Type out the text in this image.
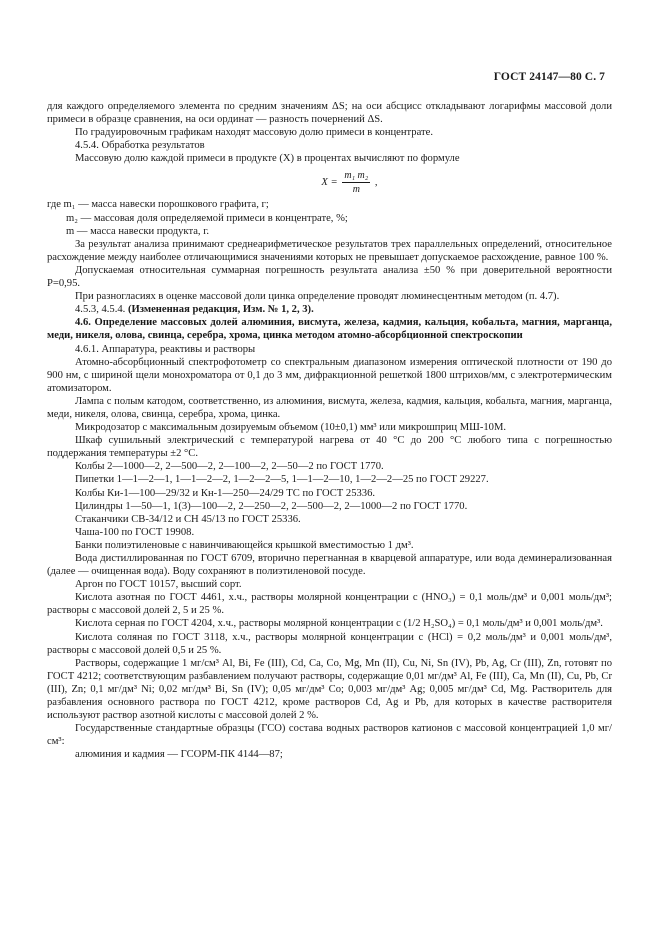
ГОСТ 24147—80 С. 7

для каждого определяемого элемента по средним значениям ΔS; на оси абсцисс откладывают логарифмы массовой доли примеси в образце сравнения, на оси ординат — разность почернений ΔS.

По градуировочным графикам находят массовую долю примеси в концентрате.

4.5.4. Обработка результатов

Массовую долю каждой примеси в продукте (X) в процентах вычисляют по формуле

$X = \frac{\text{m₁ m₂}}{m}$ ,

где m₁ — масса навески порошкового графита, г;

m₂ — массовая доля определяемой примеси в концентрате, %;

m — масса навески продукта, г.

За результат анализа принимают среднеарифметическое результатов трех параллельных определений, относительное расхождение между наиболее отличающимися значениями которых не превышает допускаемое расхождение, равное 100 %.

Допускаемая относительная суммарная погрешность результата анализа ±50 % при доверительной вероятности P=0,95.

При разногласиях в оценке массовой доли цинка определение проводят люминесцентным методом (п. 4.7).

4.5.3, 4.5.4. (Измененная редакция, Изм. № 1, 2, 3).

4.6. Определение массовых долей алюминия, висмута, железа, кадмия, кальция, кобальта, магния, марганца, меди, никеля, олова, свинца, серебра, хрома, цинка методом атомно-абсорбционной спектроскопии

4.6.1. Аппаратура, реактивы и растворы

Атомно-абсорбционный спектрофотометр со спектральным диапазоном измерения оптической плотности от 190 до 900 нм, с шириной щели монохроматора от 0,1 до 3 мм, дифракционной решеткой 1800 штрихов/мм, с электротермическим атомизатором.

Лампа с полым катодом, соответственно, из алюминия, висмута, железа, кадмия, кальция, кобальта, магния, марганца, меди, никеля, олова, свинца, серебра, хрома, цинка.

Микродозатор с максимальным дозируемым объемом (10±0,1) мм³ или микрошприц МШ-10М.

Шкаф сушильный электрический с температурой нагрева от 40 °С до 200 °С любого типа с погрешностью поддержания температуры ±2 °С.

Колбы 2—1000—2, 2—500—2, 2—100—2, 2—50—2 по ГОСТ 1770.

Пипетки 1—1—2—1, 1—1—2—2, 1—2—2—5, 1—1—2—10, 1—2—2—25 по ГОСТ 29227.

Колбы Ки-1—100—29/32 и Кн-1—250—24/29 ТС по ГОСТ 25336.

Цилиндры 1—50—1, 1(3)—100—2, 2—250—2, 2—500—2, 2—1000—2 по ГОСТ 1770.

Стаканчики СВ-34/12 и СН 45/13 по ГОСТ 25336.

Чаша-100 по ГОСТ 19908.

Банки полиэтиленовые с навинчивающейся крышкой вместимостью 1 дм³.

Вода дистиллированная по ГОСТ 6709, вторично перегнанная в кварцевой аппаратуре, или вода деминерализованная (далее — очищенная вода). Воду сохраняют в полиэтиленовой посуде.

Аргон по ГОСТ 10157, высший сорт.

Кислота азотная по ГОСТ 4461, х.ч., растворы молярной концентрации c (HNO₃) = 0,1 моль/дм³ и 0,001 моль/дм³; растворы с массовой долей 2, 5 и 25 %.

Кислота серная по ГОСТ 4204, х.ч., растворы молярной концентрации c (1/2 H₂SO₄) = 0,1 моль/дм³ и 0,001 моль/дм³.

Кислота соляная по ГОСТ 3118, х.ч., растворы молярной концентрации c (HCl) = 0,2 моль/дм³ и 0,001 моль/дм³, растворы с массовой долей 0,5 и 25 %.

Растворы, содержащие 1 мг/см³ Al, Bi, Fe (III), Cd, Ca, Co, Mg, Mn (II), Cu, Ni, Sn (IV), Pb, Ag, Cr (III), Zn, готовят по ГОСТ 4212; соответствующим разбавлением получают растворы, содержащие 0,01 мг/дм³ Al, Fe (III), Ca, Mn (II), Cu, Pb, Cr (III), Zn; 0,1 мг/дм³ Ni; 0,02 мг/дм³ Bi, Sn (IV); 0,05 мг/дм³ Co; 0,003 мг/дм³ Ag; 0,005 мг/дм³ Cd, Mg. Растворитель для разбавления основного раствора по ГОСТ 4212, кроме растворов Cd, Ag и Pb, для которых в качестве растворителя используют раствор азотной кислоты с массовой долей 2 %.

Государственные стандартные образцы (ГСО) состава водных растворов катионов с массовой концентрацией 1,0 мг/см³:

алюминия и кадмия — ГСОРМ-ПК 4144—87;
